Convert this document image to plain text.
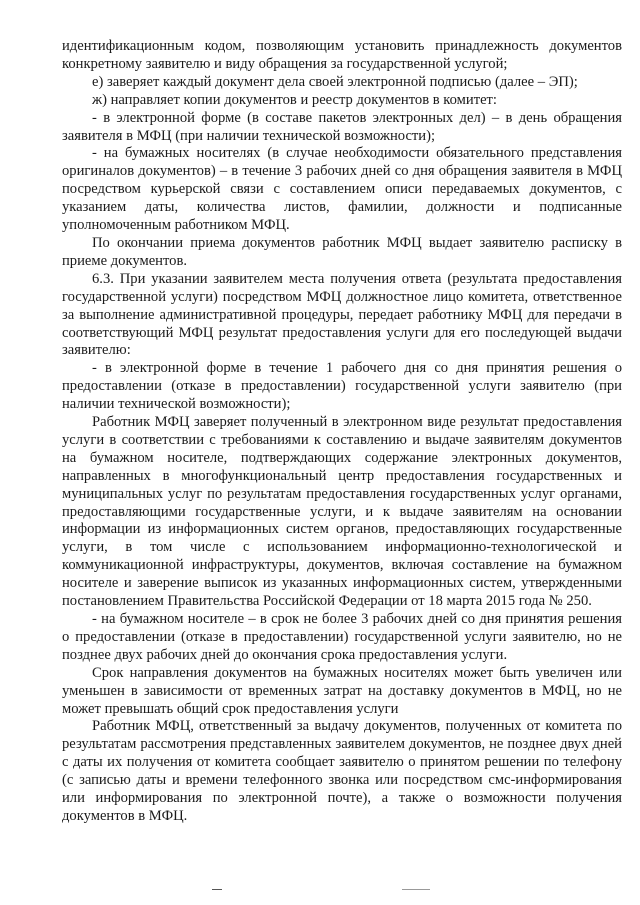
идентификационным кодом, позволяющим установить принадлежность документов конкретному заявителю и виду обращения за государственной услугой;

е) заверяет каждый документ дела своей электронной подписью (далее – ЭП);

ж) направляет копии документов и реестр документов в комитет:

- в электронной форме (в составе пакетов электронных дел) – в день обращения заявителя в МФЦ (при наличии технической возможности);

- на бумажных носителях (в случае необходимости обязательного представления оригиналов документов) – в течение 3 рабочих дней со дня обращения заявителя в МФЦ посредством курьерской связи с составлением описи передаваемых документов, с указанием даты, количества листов, фамилии, должности и подписанные уполномоченным работником МФЦ.

По окончании приема документов работник МФЦ выдает заявителю расписку в приеме документов.

6.3. При указании заявителем места получения ответа (результата предоставления государственной услуги) посредством МФЦ должностное лицо комитета, ответственное за выполнение административной процедуры, передает работнику МФЦ для передачи в соответствующий МФЦ результат предоставления услуги для его последующей выдачи заявителю:

- в электронной форме в течение 1 рабочего дня со дня принятия решения о предоставлении (отказе в предоставлении) государственной услуги заявителю (при наличии технической возможности);

Работник МФЦ заверяет полученный в электронном виде результат предоставления услуги в соответствии с требованиями к составлению и выдаче заявителям документов на бумажном носителе, подтверждающих содержание электронных документов, направленных в многофункциональный центр предоставления государственных и муниципальных услуг по результатам предоставления государственных услуг органами, предоставляющими государственные услуги, и к выдаче заявителям на основании информации из информационных систем органов, предоставляющих государственные услуги, в том числе с использованием информационно-технологической и коммуникационной инфраструктуры, документов, включая составление на бумажном носителе и заверение выписок из указанных информационных систем, утвержденными постановлением Правительства Российской Федерации от 18 марта 2015 года № 250.

- на бумажном носителе – в срок не более 3 рабочих дней со дня принятия решения о предоставлении (отказе в предоставлении) государственной услуги заявителю, но не позднее двух рабочих дней до окончания срока предоставления услуги.

Срок направления документов на бумажных носителях может быть увеличен или уменьшен в зависимости от временных затрат на доставку документов в МФЦ, но не может превышать общий срок предоставления услуги

Работник МФЦ, ответственный за выдачу документов, полученных от комитета по результатам рассмотрения представленных заявителем документов, не позднее двух дней с даты их получения от комитета сообщает заявителю о принятом решении по телефону (с записью даты и времени телефонного звонка или посредством смс-информирования или информирования по электронной почте), а также о возможности получения документов в МФЦ.
